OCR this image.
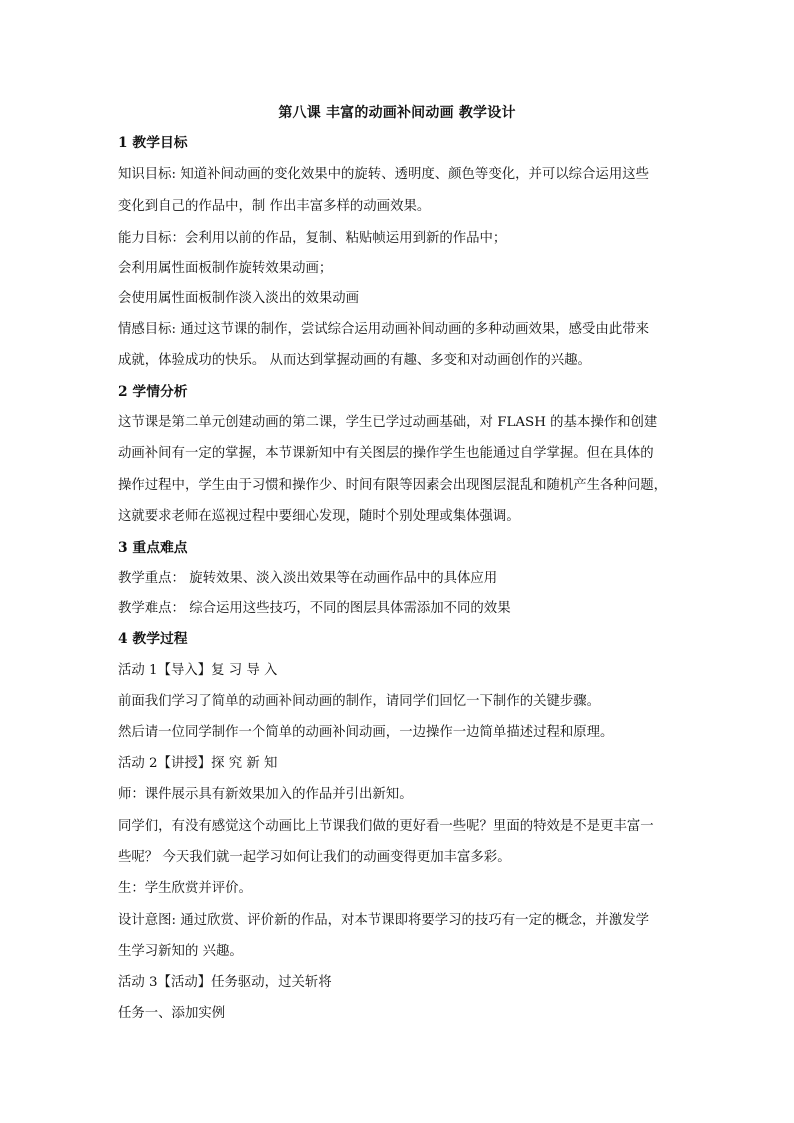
第八课 丰富的动画补间动画 教学设计
1 教学目标
知识目标: 知道补间动画的变化效果中的旋转、透明度、颜色等变化，并可以综合运用这些
变化到自己的作品中，制 作出丰富多样的动画效果。
能力目标：会利用以前的作品，复制、粘贴帧运用到新的作品中；
会利用属性面板制作旋转效果动画；
会使用属性面板制作淡入淡出的效果动画
情感目标: 通过这节课的制作，尝试综合运用动画补间动画的多种动画效果，感受由此带来
成就，体验成功的快乐。 从而达到掌握动画的有趣、多变和对动画创作的兴趣。
2 学情分析
这节课是第二单元创建动画的第二课，学生已学过动画基础，对 FLASH 的基本操作和创建
动画补间有一定的掌握，本节课新知中有关图层的操作学生也能通过自学掌握。但在具体的
操作过程中，学生由于习惯和操作少、时间有限等因素会出现图层混乱和随机产生各种问题，
这就要求老师在巡视过程中要细心发现，随时个别处理或集体强调。
3 重点难点
教学重点： 旋转效果、淡入淡出效果等在动画作品中的具体应用
教学难点： 综合运用这些技巧，不同的图层具体需添加不同的效果
4 教学过程
活动 1【导入】复 习 导 入
前面我们学习了简单的动画补间动画的制作，请同学们回忆一下制作的关键步骤。
然后请一位同学制作一个简单的动画补间动画，一边操作一边简单描述过程和原理。
活动 2【讲授】探 究 新 知
师：课件展示具有新效果加入的作品并引出新知。
同学们，有没有感觉这个动画比上节课我们做的更好看一些呢？里面的特效是不是更丰富一
些呢？ 今天我们就一起学习如何让我们的动画变得更加丰富多彩。
生：学生欣赏并评价。
设计意图: 通过欣赏、评价新的作品，对本节课即将要学习的技巧有一定的概念，并激发学
生学习新知的 兴趣。
活动 3【活动】任务驱动，过关斩将
任务一、添加实例
